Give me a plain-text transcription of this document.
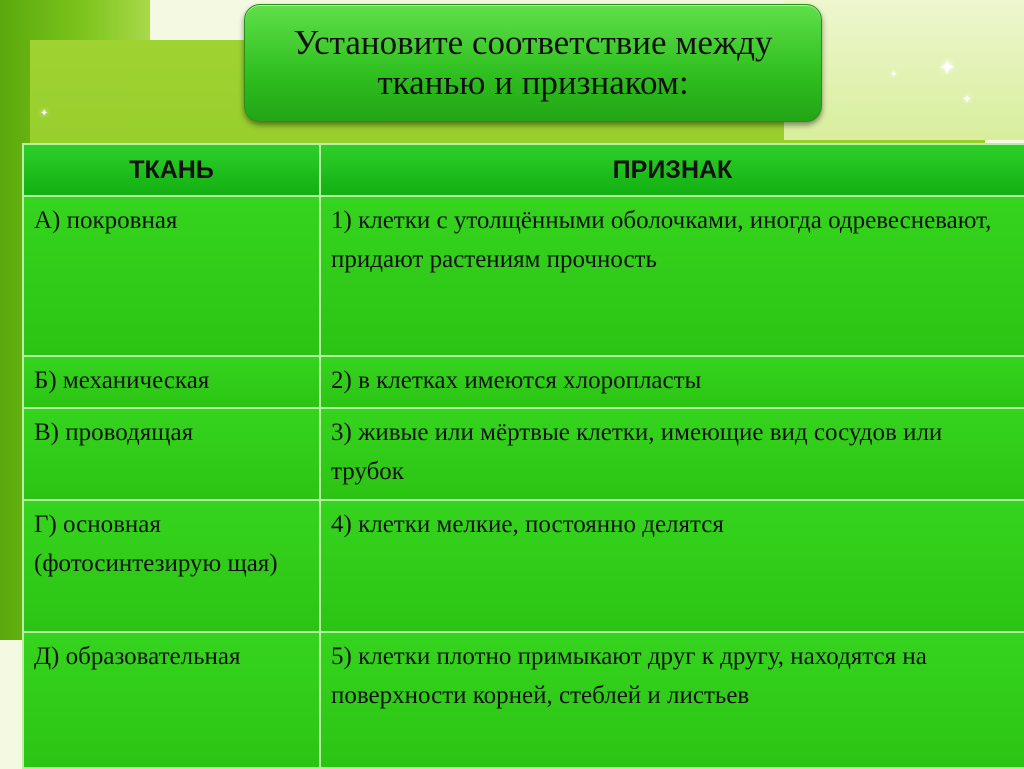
✦
✦
✦
✦
Установите соответствие между
тканью и признаком:
ТКАНЬ	ПРИЗНАК
А) покровная	1) клетки с утолщёнными оболочками, иногда одревесневают, придают растениям прочность
Б) механическая	2) в клетках имеются хлоропласты
В) проводящая	3) живые или мёртвые клетки, имеющие вид сосудов или трубок
Г) основная (фотосинтезирую щая)	4) клетки мелкие, постоянно делятся
Д) образовательная	5) клетки плотно примыкают друг к другу, находятся на поверхности корней, стеблей и листьев
